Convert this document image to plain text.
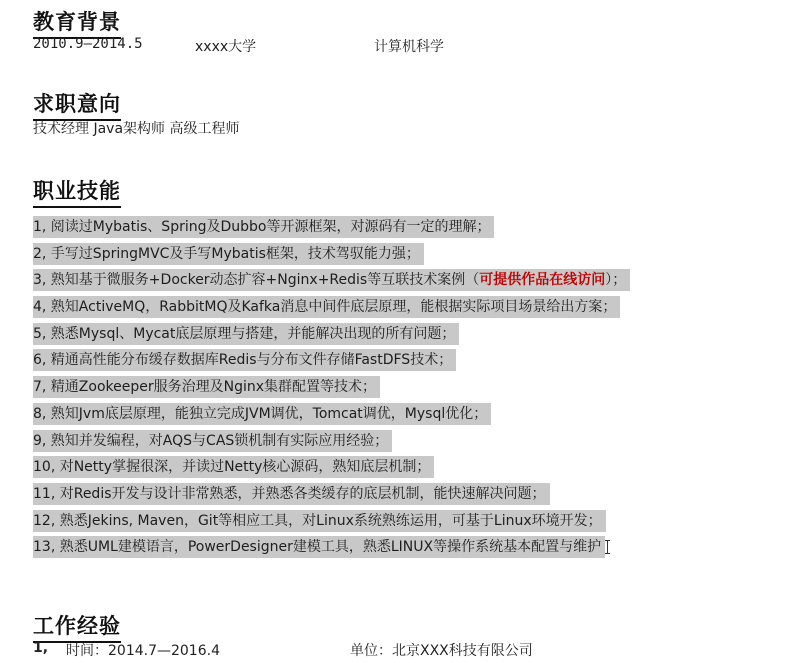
教育背景
2010.9—2014.5	xxxx大学	计算机科学
求职意向
技术经理 Java架构师 高级工程师
职业技能
1, 阅读过Mybatis、Spring及Dubbo等开源框架，对源码有一定的理解；
2, 手写过SpringMVC及手写Mybatis框架，技术驾驭能力强；
3, 熟知基于微服务+Docker动态扩容+Nginx+Redis等互联技术案例（可提供作品在线访问）；
4, 熟知ActiveMQ，RabbitMQ及Kafka消息中间件底层原理，能根据实际项目场景给出方案；
5, 熟悉Mysql、Mycat底层原理与搭建，并能解决出现的所有问题；
6, 精通高性能分布缓存数据库Redis与分布文件存储FastDFS技术；
7, 精通Zookeeper服务治理及Nginx集群配置等技术；
8, 熟知Jvm底层原理，能独立完成JVM调优，Tomcat调优，Mysql优化；
9, 熟知并发编程，对AQS与CAS锁机制有实际应用经验；
10, 对Netty掌握很深，并读过Netty核心源码，熟知底层机制；
11, 对Redis开发与设计非常熟悉，并熟悉各类缓存的底层机制，能快速解决问题；
12, 熟悉Jekins, Maven，Git等相应工具，对Linux系统熟练运用，可基于Linux环境开发；
13, 熟悉UML建模语言，PowerDesigner建模工具，熟悉LINUX等操作系统基本配置与维护
工作经验
1, 时间：2014.7—2016.4	单位：北京XXX科技有限公司
